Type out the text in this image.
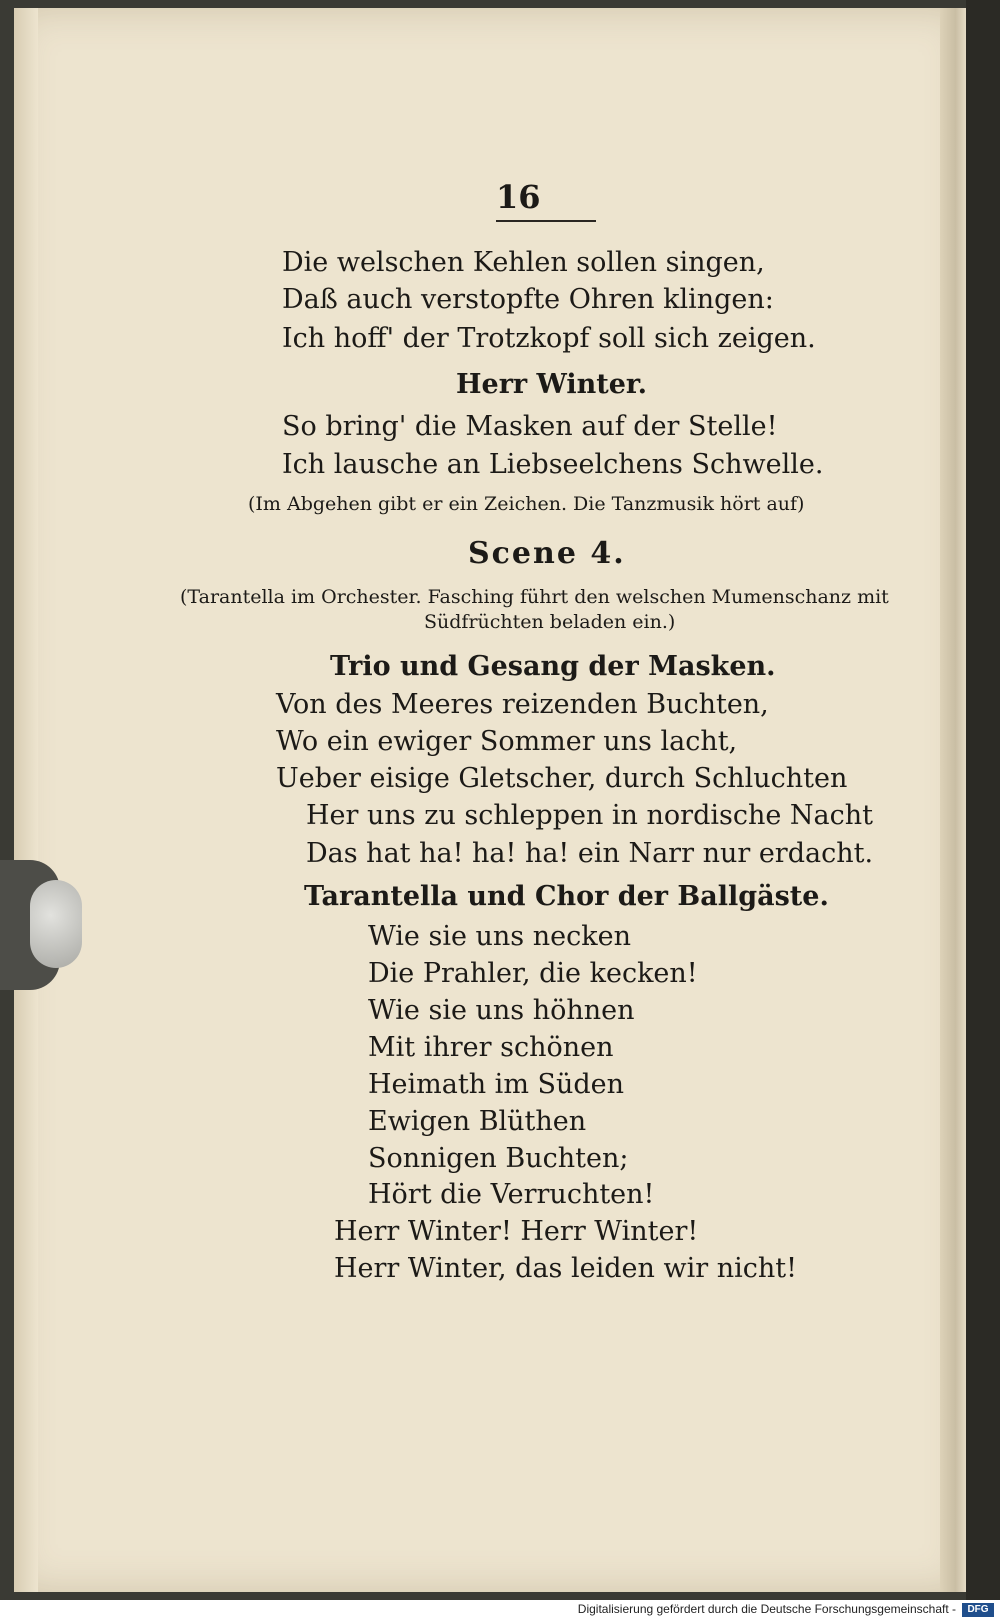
16
Die welschen Kehlen sollen singen,
Daß auch verstopfte Ohren klingen:
Ich hoff' der Trotzkopf soll sich zeigen.
Herr Winter.
So bring' die Masken auf der Stelle!
Ich lausche an Liebseelchens Schwelle.
(Im Abgehen gibt er ein Zeichen. Die Tanzmusik hört auf)
Scene 4.
(Tarantella im Orchester. Fasching führt den welschen Mumenschanz mit
Südfrüchten beladen ein.)
Trio und Gesang der Masken.
Von des Meeres reizenden Buchten,
Wo ein ewiger Sommer uns lacht,
Ueber eisige Gletscher, durch Schluchten
Her uns zu schleppen in nordische Nacht
Das hat ha! ha! ha! ein Narr nur erdacht.
Tarantella und Chor der Ballgäste.
Wie sie uns necken
Die Prahler, die kecken!
Wie sie uns höhnen
Mit ihrer schönen
Heimath im Süden
Ewigen Blüthen
Sonnigen Buchten;
Hört die Verruchten!
Herr Winter! Herr Winter!
Herr Winter, das leiden wir nicht!
Digitalisierung gefördert durch die Deutsche Forschungsgemeinschaft -	DFG
